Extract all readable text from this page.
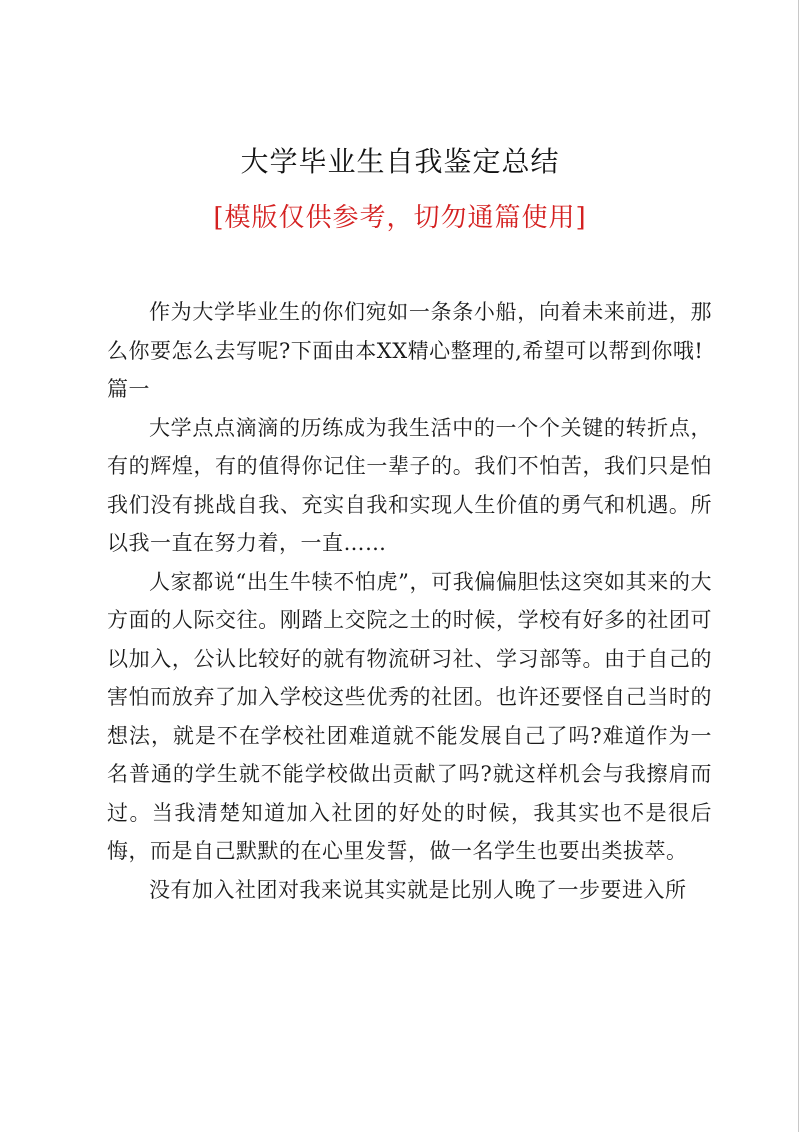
大学毕业生自我鉴定总结
[模版仅供参考，切勿通篇使用]

作为大学毕业生的你们宛如一条条小船，向着未来前进，那么你要怎么去写呢?下面由本XX精心整理的,希望可以帮到你哦!

篇一

大学点点滴滴的历练成为我生活中的一个个关键的转折点，有的辉煌，有的值得你记住一辈子的。我们不怕苦，我们只是怕我们没有挑战自我、充实自我和实现人生价值的勇气和机遇。所以我一直在努力着，一直……

人家都说“出生牛犊不怕虎”，可我偏偏胆怯这突如其来的大方面的人际交往。刚踏上交院之土的时候，学校有好多的社团可以加入，公认比较好的就有物流研习社、学习部等。由于自己的害怕而放弃了加入学校这些优秀的社团。也许还要怪自己当时的想法，就是不在学校社团难道就不能发展自己了吗?难道作为一名普通的学生就不能学校做出贡献了吗?就这样机会与我擦肩而过。当我清楚知道加入社团的好处的时候，我其实也不是很后悔，而是自己默默的在心里发誓，做一名学生也要出类拔萃。

没有加入社团对我来说其实就是比别人晚了一步要进入所
